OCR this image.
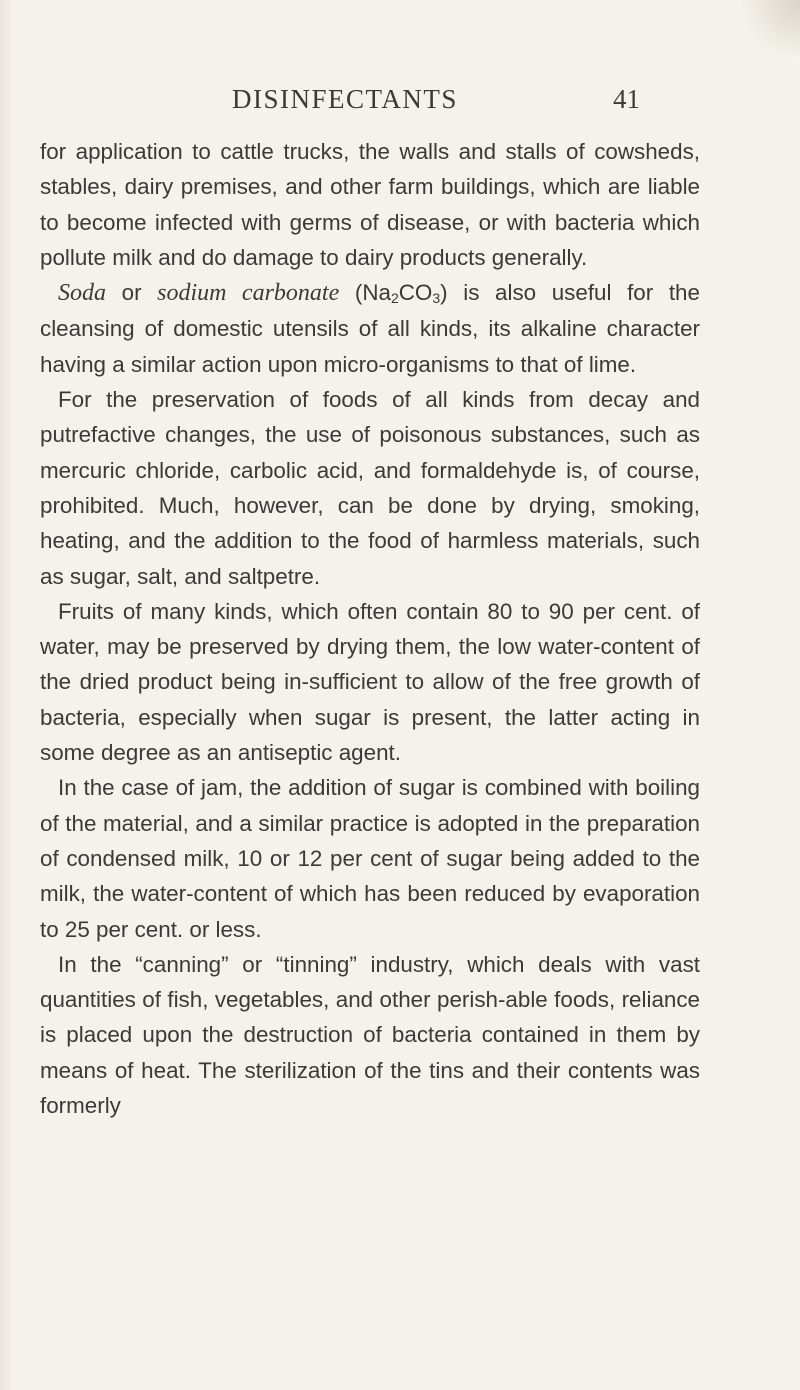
DISINFECTANTS	41

for application to cattle trucks, the walls and stalls of cowsheds, stables, dairy premises, and other farm buildings, which are liable to become infected with germs of disease, or with bacteria which pollute milk and do damage to dairy products generally.

Soda or sodium carbonate $(Na_2CO_3)$ is also useful for the cleansing of domestic utensils of all kinds, its alkaline character having a similar action upon micro-organisms to that of lime.

For the preservation of foods of all kinds from decay and putrefactive changes, the use of poisonous substances, such as mercuric chloride, carbolic acid, and formaldehyde is, of course, prohibited. Much, however, can be done by drying, smoking, heating, and the addition to the food of harmless materials, such as sugar, salt, and saltpetre.

Fruits of many kinds, which often contain 80 to 90 per cent. of water, may be preserved by drying them, the low water-content of the dried product being in-sufficient to allow of the free growth of bacteria, especially when sugar is present, the latter acting in some degree as an antiseptic agent.

In the case of jam, the addition of sugar is combined with boiling of the material, and a similar practice is adopted in the preparation of condensed milk, 10 or 12 per cent of sugar being added to the milk, the water-content of which has been reduced by evaporation to 25 per cent. or less.

In the “canning” or “tinning” industry, which deals with vast quantities of fish, vegetables, and other perish-able foods, reliance is placed upon the destruction of bacteria contained in them by means of heat. The sterilization of the tins and their contents was formerly
